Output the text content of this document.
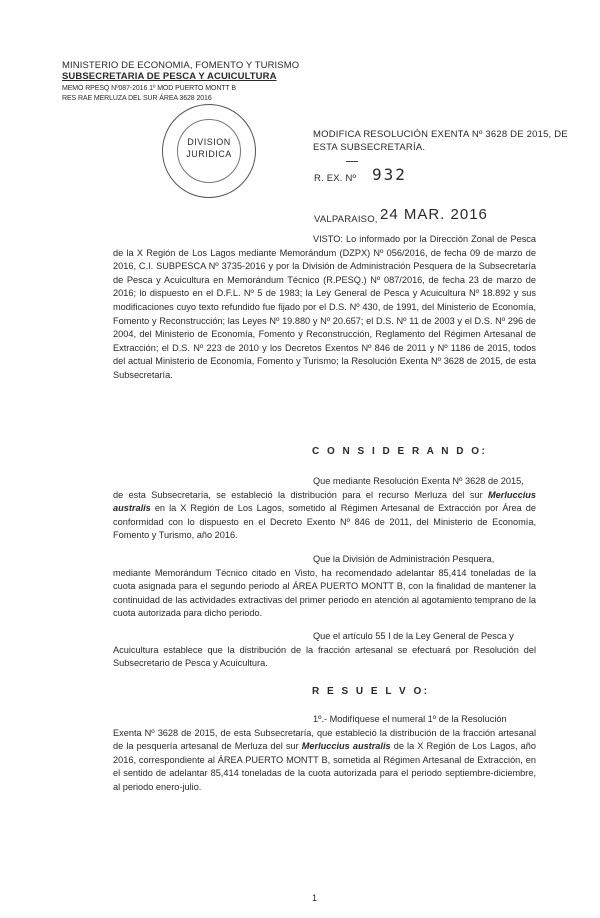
MINISTERIO DE ECONOMIA, FOMENTO Y TURISMO
SUBSECRETARIA DE PESCA Y ACUICULTURA
MEMO RPESQ Nº087-2016 1º MOD PUERTO MONTT B
RES RAE MERLUZA DEL SUR ÁREA 3628 2016
DIVISION
JURIDICA
MODIFICA RESOLUCIÓN EXENTA Nº 3628 DE 2015, DE
ESTA SUBSECRETARÍA.
R. EX. Nº 932
VALPARAISO, 24 MAR. 2016
VISTO: Lo informado por la Dirección Zonal de Pesca de la X Región de Los Lagos mediante Memorándum (DZPX) Nº 056/2016, de fecha 09 de marzo de 2016, C.I. SUBPESCA Nº 3735-2016 y por la División de Administración Pesquera de la Subsecretaría de Pesca y Acuicultura en Memorándum Técnico (R.PESQ.) Nº 087/2016, de fecha 23 de marzo de 2016; lo dispuesto en el D.F.L. Nº 5 de 1983; la Ley General de Pesca y Acuicultura Nº 18.892 y sus modificaciones cuyo texto refundido fue fijado por el D.S. Nº 430, de 1991, del Ministerio de Economía, Fomento y Reconstrucción; las Leyes Nº 19.880 y Nº 20.657; el D.S. Nº 11 de 2003 y el D.S. Nº 296 de 2004, del Ministerio de Economía, Fomento y Reconstrucción, Reglamento del Régimen Artesanal de Extracción; el D.S. Nº 223 de 2010 y los Decretos Exentos Nº 846 de 2011 y Nº 1186 de 2015, todos del actual Ministerio de Economía, Fomento y Turismo; la Resolución Exenta Nº 3628 de 2015, de esta Subsecretaría.
C O N S I D E R A N D O:
Que mediante Resolución Exenta Nº 3628 de 2015,
de esta Subsecretaría, se estableció la distribución para el recurso Merluza del sur Merluccius australis en la X Región de Los Lagos, sometido al Régimen Artesanal de Extracción por Área de conformidad con lo dispuesto en el Decreto Exento Nº 846 de 2011, del Ministerio de Economía, Fomento y Turismo, año 2016.
Que la División de Administración Pesquera,
mediante Memorándum Técnico citado en Visto, ha recomendado adelantar 85,414 toneladas de la cuota asignada para el segundo periodo al ÁREA PUERTO MONTT B, con la finalidad de mantener la continuidad de las actividades extractivas del primer periodo en atención al agotamiento temprano de la cuota autorizada para dicho periodo.
Que el artículo 55 I de la Ley General de Pesca y
Acuicultura establece que la distribución de la fracción artesanal se efectuará por Resolución del Subsecretario de Pesca y Acuicultura.
R E S U E L V O:
1º.- Modifíquese el numeral 1º de la Resolución
Exenta Nº 3628 de 2015, de esta Subsecretaría, que estableció la distribución de la fracción artesanal de la pesquería artesanal de Merluza del sur Merluccius australis de la X Región de Los Lagos, año 2016, correspondiente al ÁREA PUERTO MONTT B, sometida al Régimen Artesanal de Extracción, en el sentido de adelantar 85,414 toneladas de la cuota autorizada para el periodo septiembre-diciembre, al periodo enero-julio.
1
